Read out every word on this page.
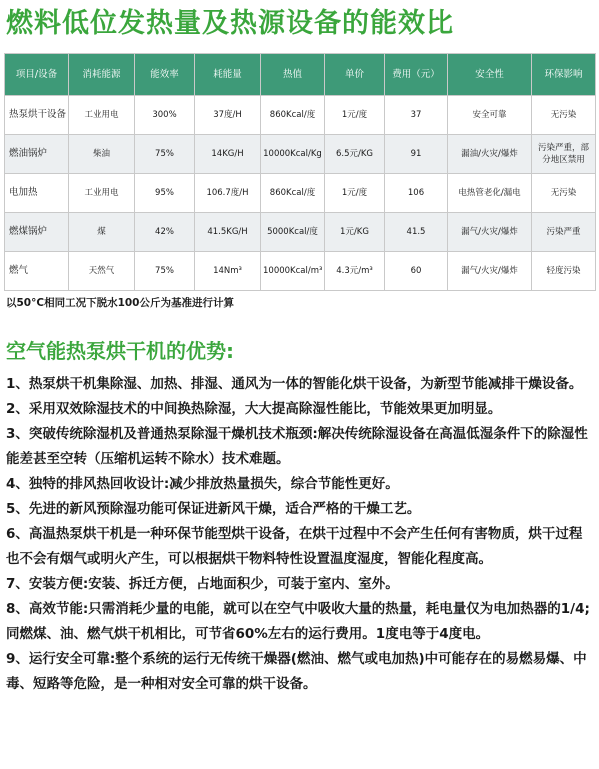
燃料低位发热量及热源设备的能效比
项目/设备	消耗能源	能效率	耗能量	热值	单价	费用（元）	安全性	环保影响
热泵烘干设备	工业用电	300%	37度/H	860Kcal/度	1元/度	37	安全可靠	无污染
燃油锅炉	柴油	75%	14KG/H	10000Kcal/Kg	6.5元/KG	91	漏油/火灾/爆炸	污染严重，部分地区禁用
电加热	工业用电	95%	106.7度/H	860Kcal/度	1元/度	106	电热管老化/漏电	无污染
燃煤锅炉	煤	42%	41.5KG/H	5000Kcal/度	1元/KG	41.5	漏气/火灾/爆炸	污染严重
燃气	天然气	75%	14Nm³	10000Kcal/m³	4.3元/m³	60	漏气/火灾/爆炸	轻度污染
以50°C相同工况下脱水100公斤为基准进行计算
空气能热泵烘干机的优势:
1、热泵烘干机集除湿、加热、排湿、通风为一体的智能化烘干设备，为新型节能减排干燥设备。
2、采用双效除湿技术的中间换热除湿，大大提高除湿性能比，节能效果更加明显。
3、突破传统除湿机及普通热泵除湿干燥机技术瓶颈:解决传统除湿设备在高温低湿条件下的除湿性能差甚至空转（压缩机运转不除水）技术难题。
4、独特的排风热回收设计:减少排放热量损失，综合节能性更好。
5、先进的新风预除湿功能可保证进新风干燥，适合严格的干燥工艺。
6、高温热泵烘干机是一种环保节能型烘干设备，在烘干过程中不会产生任何有害物质，烘干过程也不会有烟气或明火产生，可以根据烘干物料特性设置温度湿度，智能化程度高。
7、安装方便:安装、拆迁方便，占地面积少，可装于室内、室外。
8、高效节能:只需消耗少量的电能，就可以在空气中吸收大量的热量，耗电量仅为电加热器的1/4;同燃煤、油、燃气烘干机相比，可节省60%左右的运行费用。1度电等于4度电。
9、运行安全可靠:整个系统的运行无传统干燥器(燃油、燃气或电加热)中可能存在的易燃易爆、中毒、短路等危险，是一种相对安全可靠的烘干设备。
